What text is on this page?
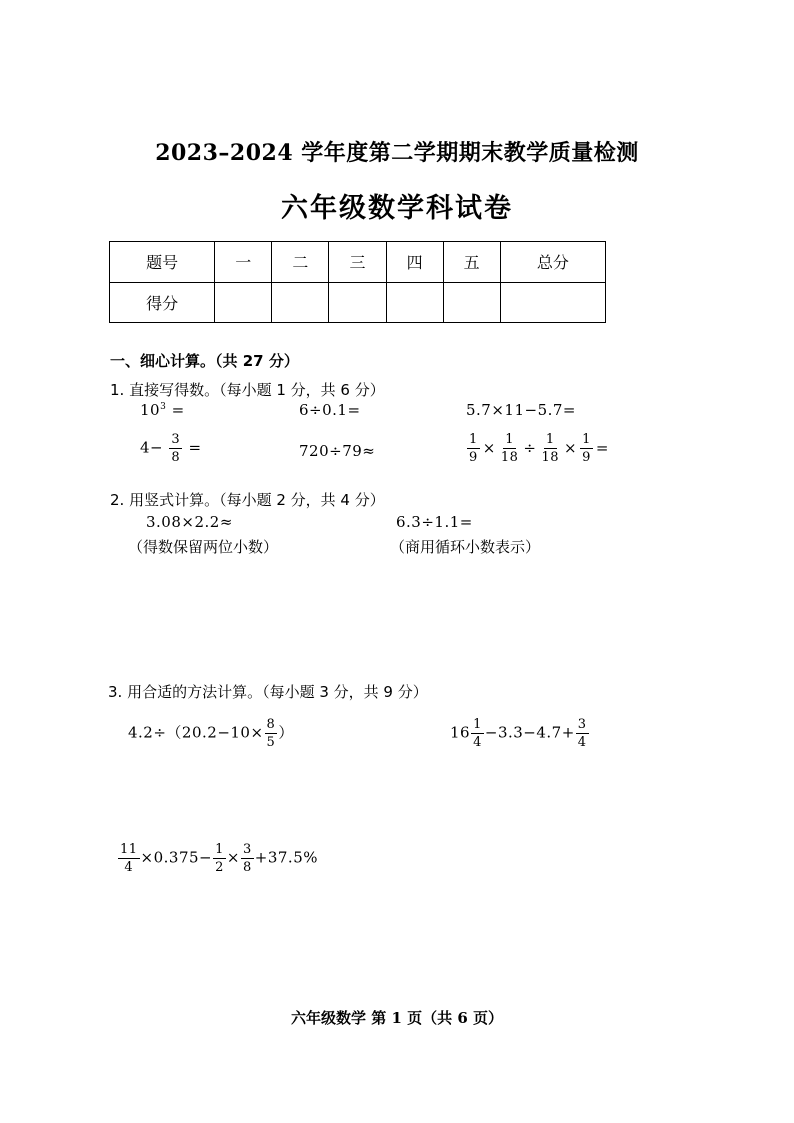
2023–2024 学年度第二学期期末教学质量检测
六年级数学科试卷
题号	一	二	三	四	五	总分
得分						
一、细心计算。（共 27 分）
1. 直接写得数。（每小题 1 分，共 6 分）
$10^3$ =	6÷0.1=	5.7×11−5.7=
$4- \frac{3}{8}$ =	720÷79≈	$\frac{1}{9} \times \frac{1}{18} \div \frac{1}{18} \times \frac{1}{9}$ =
2. 用竖式计算。（每小题 2 分，共 4 分）
3.08×2.2≈
（得数保留两位小数）
6.3÷1.1=
（商用循环小数表示）
3. 用合适的方法计算。（每小题 3 分，共 9 分）
$4.2\div(20.2-10\times \frac{8}{5}$ ）	$16 \frac{1}{4} -3.3-4.7+ \frac{3}{4}$
$\frac{11}{4} \times 0.375- \frac{1}{2} \times \frac{3}{8} +37.5\%$
六年级数学 第 1 页（共 6 页）
